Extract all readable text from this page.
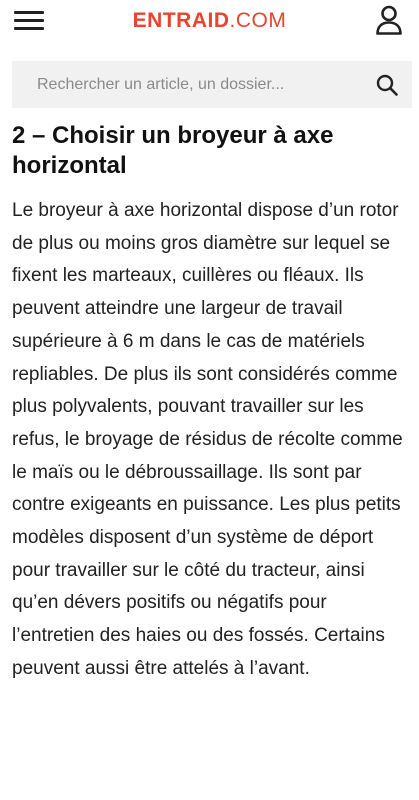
ENTRAID.COM
Rechercher un article, un dossier...
2 – Choisir un broyeur à axe horizontal

Le broyeur à axe horizontal dispose d’un rotor de plus ou moins gros diamètre sur lequel se fixent les marteaux, cuillères ou fléaux. Ils peuvent atteindre une largeur de travail supérieure à 6 m dans le cas de matériels repliables. De plus ils sont considérés comme plus polyvalents, pouvant travailler sur les refus, le broyage de résidus de récolte comme le maïs ou le débroussaillage. Ils sont par contre exigeants en puissance. Les plus petits modèles disposent d’un système de déport pour travailler sur le côté du tracteur, ainsi qu’en dévers positifs ou négatifs pour l’entretien des haies ou des fossés. Certains peuvent aussi être attelés à l’avant.
